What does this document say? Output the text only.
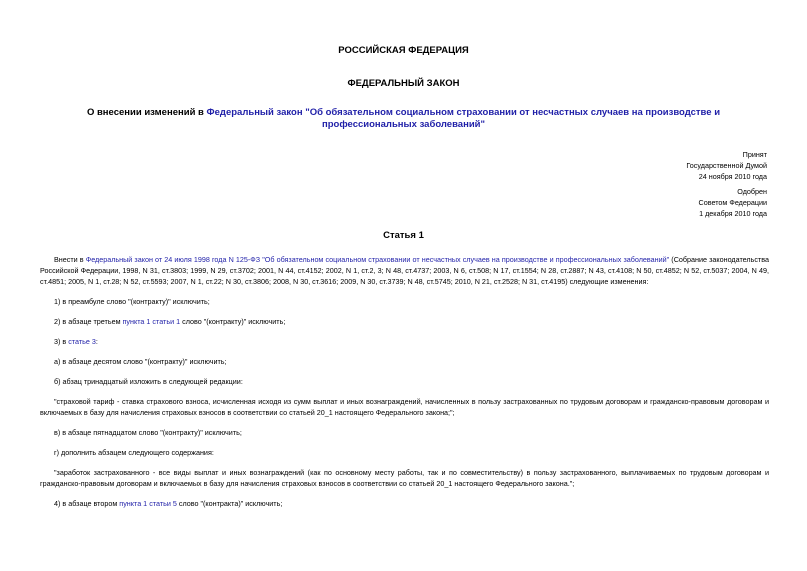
РОССИЙСКАЯ ФЕДЕРАЦИЯ
ФЕДЕРАЛЬНЫЙ ЗАКОН
О внесении изменений в Федеральный закон "Об обязательном социальном страховании от несчастных случаев на производстве и профессиональных заболеваний"
Принят
Государственной Думой
24 ноября 2010 года
Одобрен
Советом Федерации
1 декабря 2010 года
Статья 1

Внести в Федеральный закон от 24 июля 1998 года N 125-ФЗ "Об обязательном социальном страховании от несчастных случаев на производстве и профессиональных заболеваний" (Собрание законодательства Российской Федерации, 1998, N 31, ст.3803; 1999, N 29, ст.3702; 2001, N 44, ст.4152; 2002, N 1, ст.2, 3; N 48, ст.4737; 2003, N 6, ст.508; N 17, ст.1554; N 28, ст.2887; N 43, ст.4108; N 50, ст.4852; N 52, ст.5037; 2004, N 49, ст.4851; 2005, N 1, ст.28; N 52, ст.5593; 2007, N 1, ст.22; N 30, ст.3806; 2008, N 30, ст.3616; 2009, N 30, ст.3739; N 48, ст.5745; 2010, N 21, ст.2528; N 31, ст.4195) следующие изменения:

1) в преамбуле слово "(контракту)" исключить;

2) в абзаце третьем пункта 1 статьи 1 слово "(контракту)" исключить;

3) в статье 3:

а) в абзаце десятом слово "(контракту)" исключить;

б) абзац тринадцатый изложить в следующей редакции:

"страховой тариф - ставка страхового взноса, исчисленная исходя из сумм выплат и иных вознаграждений, начисленных в пользу застрахованных по трудовым договорам и гражданско-правовым договорам и включаемых в базу для начисления страховых взносов в соответствии со статьей 20_1 настоящего Федерального закона;";

в) в абзаце пятнадцатом слово "(контракту)" исключить;

г) дополнить абзацем следующего содержания:

"заработок застрахованного - все виды выплат и иных вознаграждений (как по основному месту работы, так и по совместительству) в пользу застрахованного, выплачиваемых по трудовым договорам и гражданско-правовым договорам и включаемых в базу для начисления страховых взносов в соответствии со статьей 20_1 настоящего Федерального закона.";

4) в абзаце втором пункта 1 статьи 5 слово "(контракта)" исключить;
